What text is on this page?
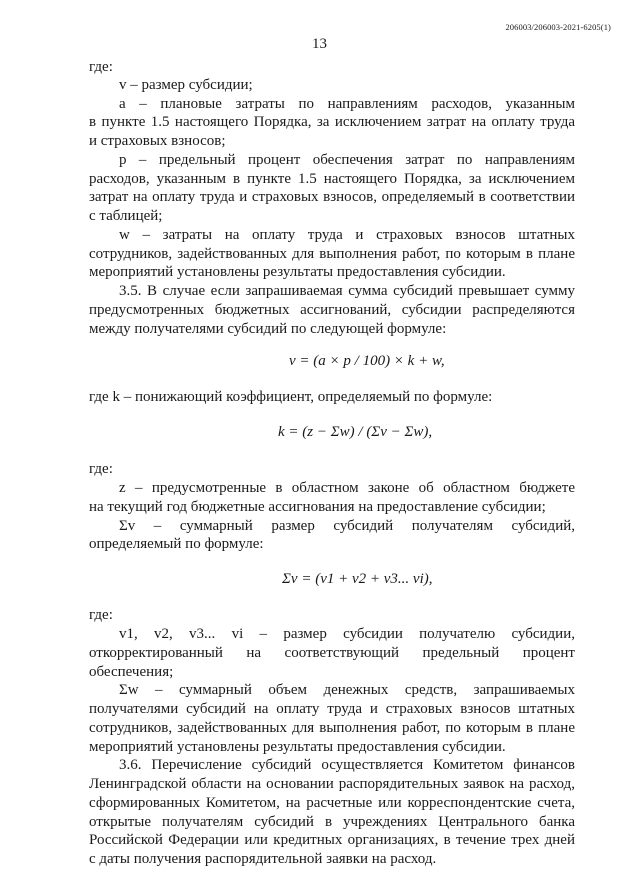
206003/206003-2021-6205(1)
13
где:
v – размер субсидии;
a – плановые затраты по направлениям расходов, указанным
в пункте 1.5 настоящего Порядка, за исключением затрат на оплату труда
и страховых взносов;
p – предельный процент обеспечения затрат по направлениям
расходов, указанным в пункте 1.5 настоящего Порядка, за исключением
затрат на оплату труда и страховых взносов, определяемый в соответствии
с таблицей;
w – затраты на оплату труда и страховых взносов штатных
сотрудников, задействованных для выполнения работ, по которым в плане
мероприятий установлены результаты предоставления субсидии.
3.5. В случае если запрашиваемая сумма субсидий превышает сумму
предусмотренных бюджетных ассигнований, субсидии распределяются
между получателями субсидий по следующей формуле:
v = (a × p / 100) × k + w,
где k – понижающий коэффициент, определяемый по формуле:
k = (z − Σw) / (Σv − Σw),
где:
z – предусмотренные в областном законе об областном бюджете
на текущий год бюджетные ассигнования на предоставление субсидии;
Σv – суммарный размер субсидий получателям субсидий,
определяемый по формуле:
Σv = (v1 + v2 + v3... vi),
где:
v1, v2, v3... vi – размер субсидии получателю субсидии,
откорректированный на соответствующий предельный процент
обеспечения;
Σw – суммарный объем денежных средств, запрашиваемых
получателями субсидий на оплату труда и страховых взносов штатных
сотрудников, задействованных для выполнения работ, по которым в плане
мероприятий установлены результаты предоставления субсидии.
3.6. Перечисление субсидий осуществляется Комитетом финансов
Ленинградской области на основании распорядительных заявок на расход,
сформированных Комитетом, на расчетные или корреспондентские счета,
открытые получателям субсидий в учреждениях Центрального банка
Российской Федерации или кредитных организациях, в течение трех дней
с даты получения распорядительной заявки на расход.
